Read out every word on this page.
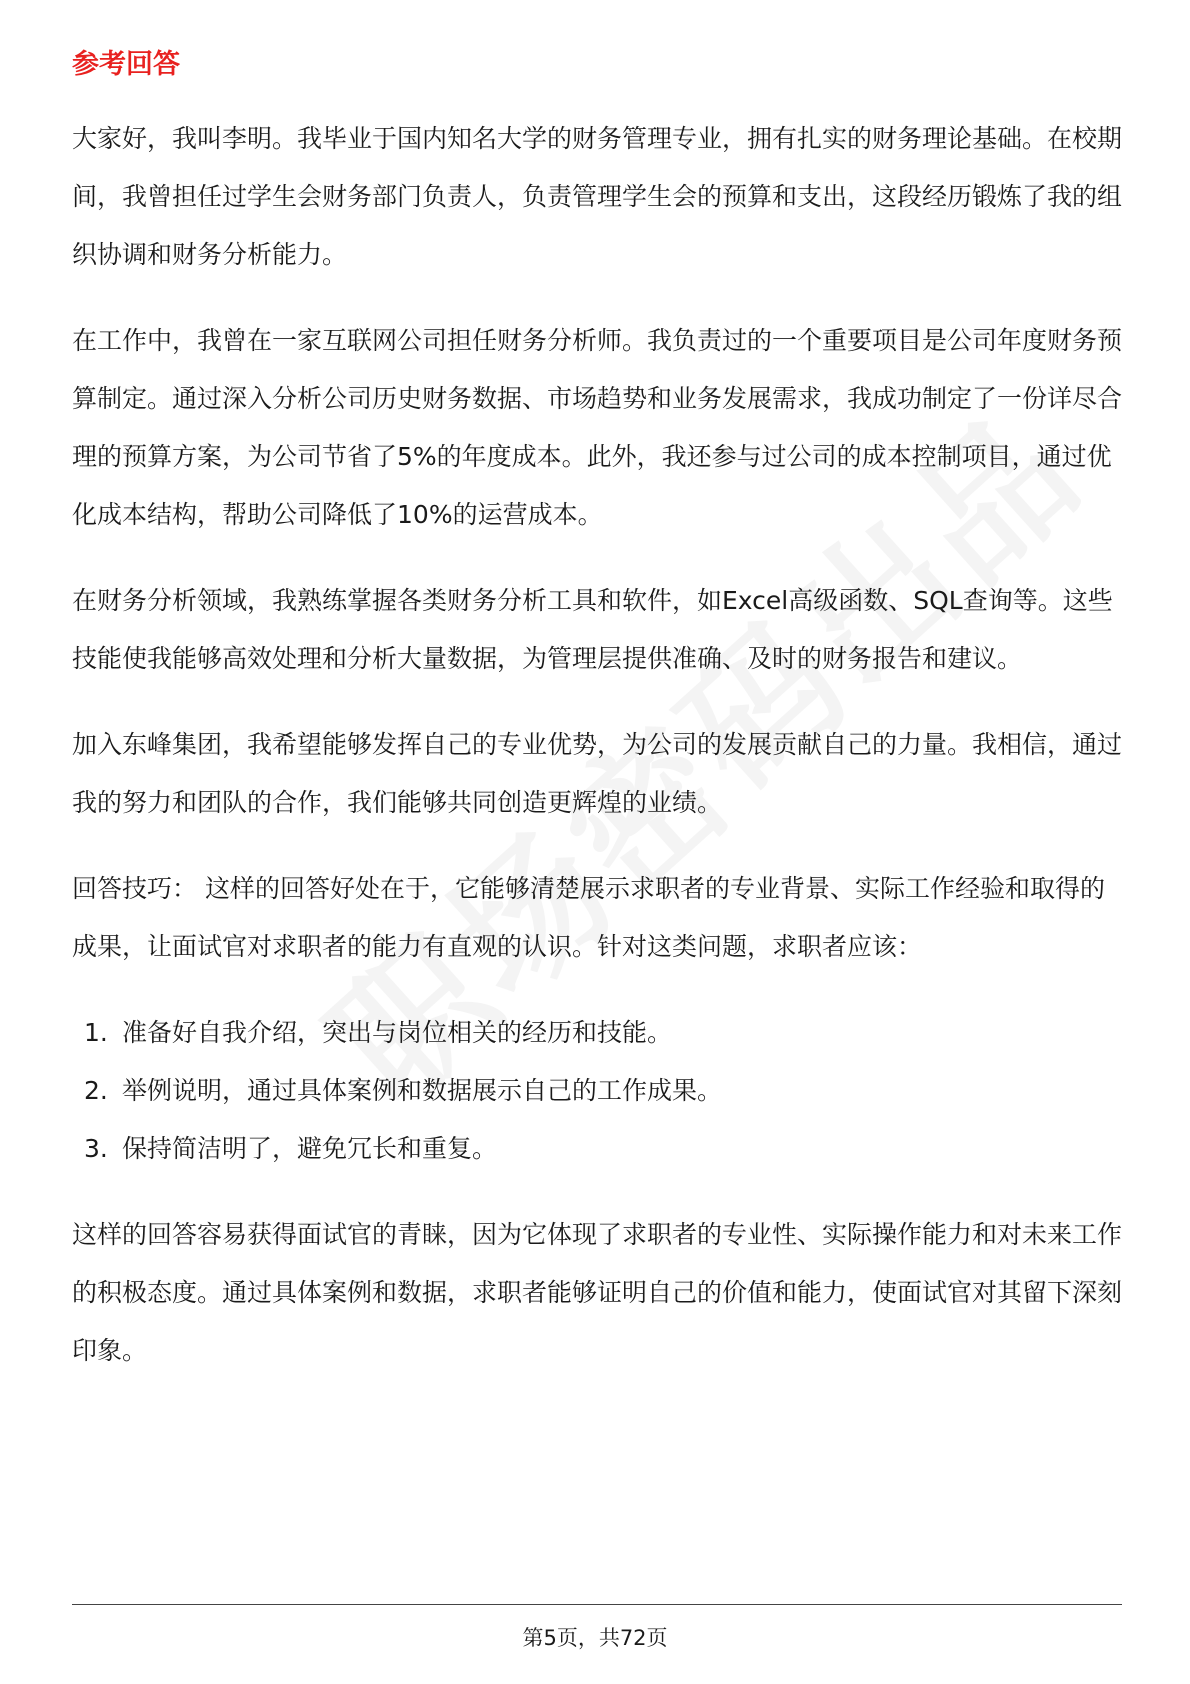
参考回答

大家好，我叫李明。我毕业于国内知名大学的财务管理专业，拥有扎实的财务理论基础。在校期间，我曾担任过学生会财务部门负责人，负责管理学生会的预算和支出，这段经历锻炼了我的组织协调和财务分析能力。

在工作中，我曾在一家互联网公司担任财务分析师。我负责过的一个重要项目是公司年度财务预算制定。通过深入分析公司历史财务数据、市场趋势和业务发展需求，我成功制定了一份详尽合理的预算方案，为公司节省了5%的年度成本。此外，我还参与过公司的成本控制项目，通过优化成本结构，帮助公司降低了10%的运营成本。

在财务分析领域，我熟练掌握各类财务分析工具和软件，如Excel高级函数、SQL查询等。这些技能使我能够高效处理和分析大量数据，为管理层提供准确、及时的财务报告和建议。

加入东峰集团，我希望能够发挥自己的专业优势，为公司的发展贡献自己的力量。我相信，通过我的努力和团队的合作，我们能够共同创造更辉煌的业绩。

回答技巧： 这样的回答好处在于，它能够清楚展示求职者的专业背景、实际工作经验和取得的成果，让面试官对求职者的能力有直观的认识。针对这类问题，求职者应该：

1. 准备好自我介绍，突出与岗位相关的经历和技能。
2. 举例说明，通过具体案例和数据展示自己的工作成果。
3. 保持简洁明了，避免冗长和重复。

这样的回答容易获得面试官的青睐，因为它体现了求职者的专业性、实际操作能力和对未来工作的积极态度。通过具体案例和数据，求职者能够证明自己的价值和能力，使面试官对其留下深刻印象。

第5页，共72页
